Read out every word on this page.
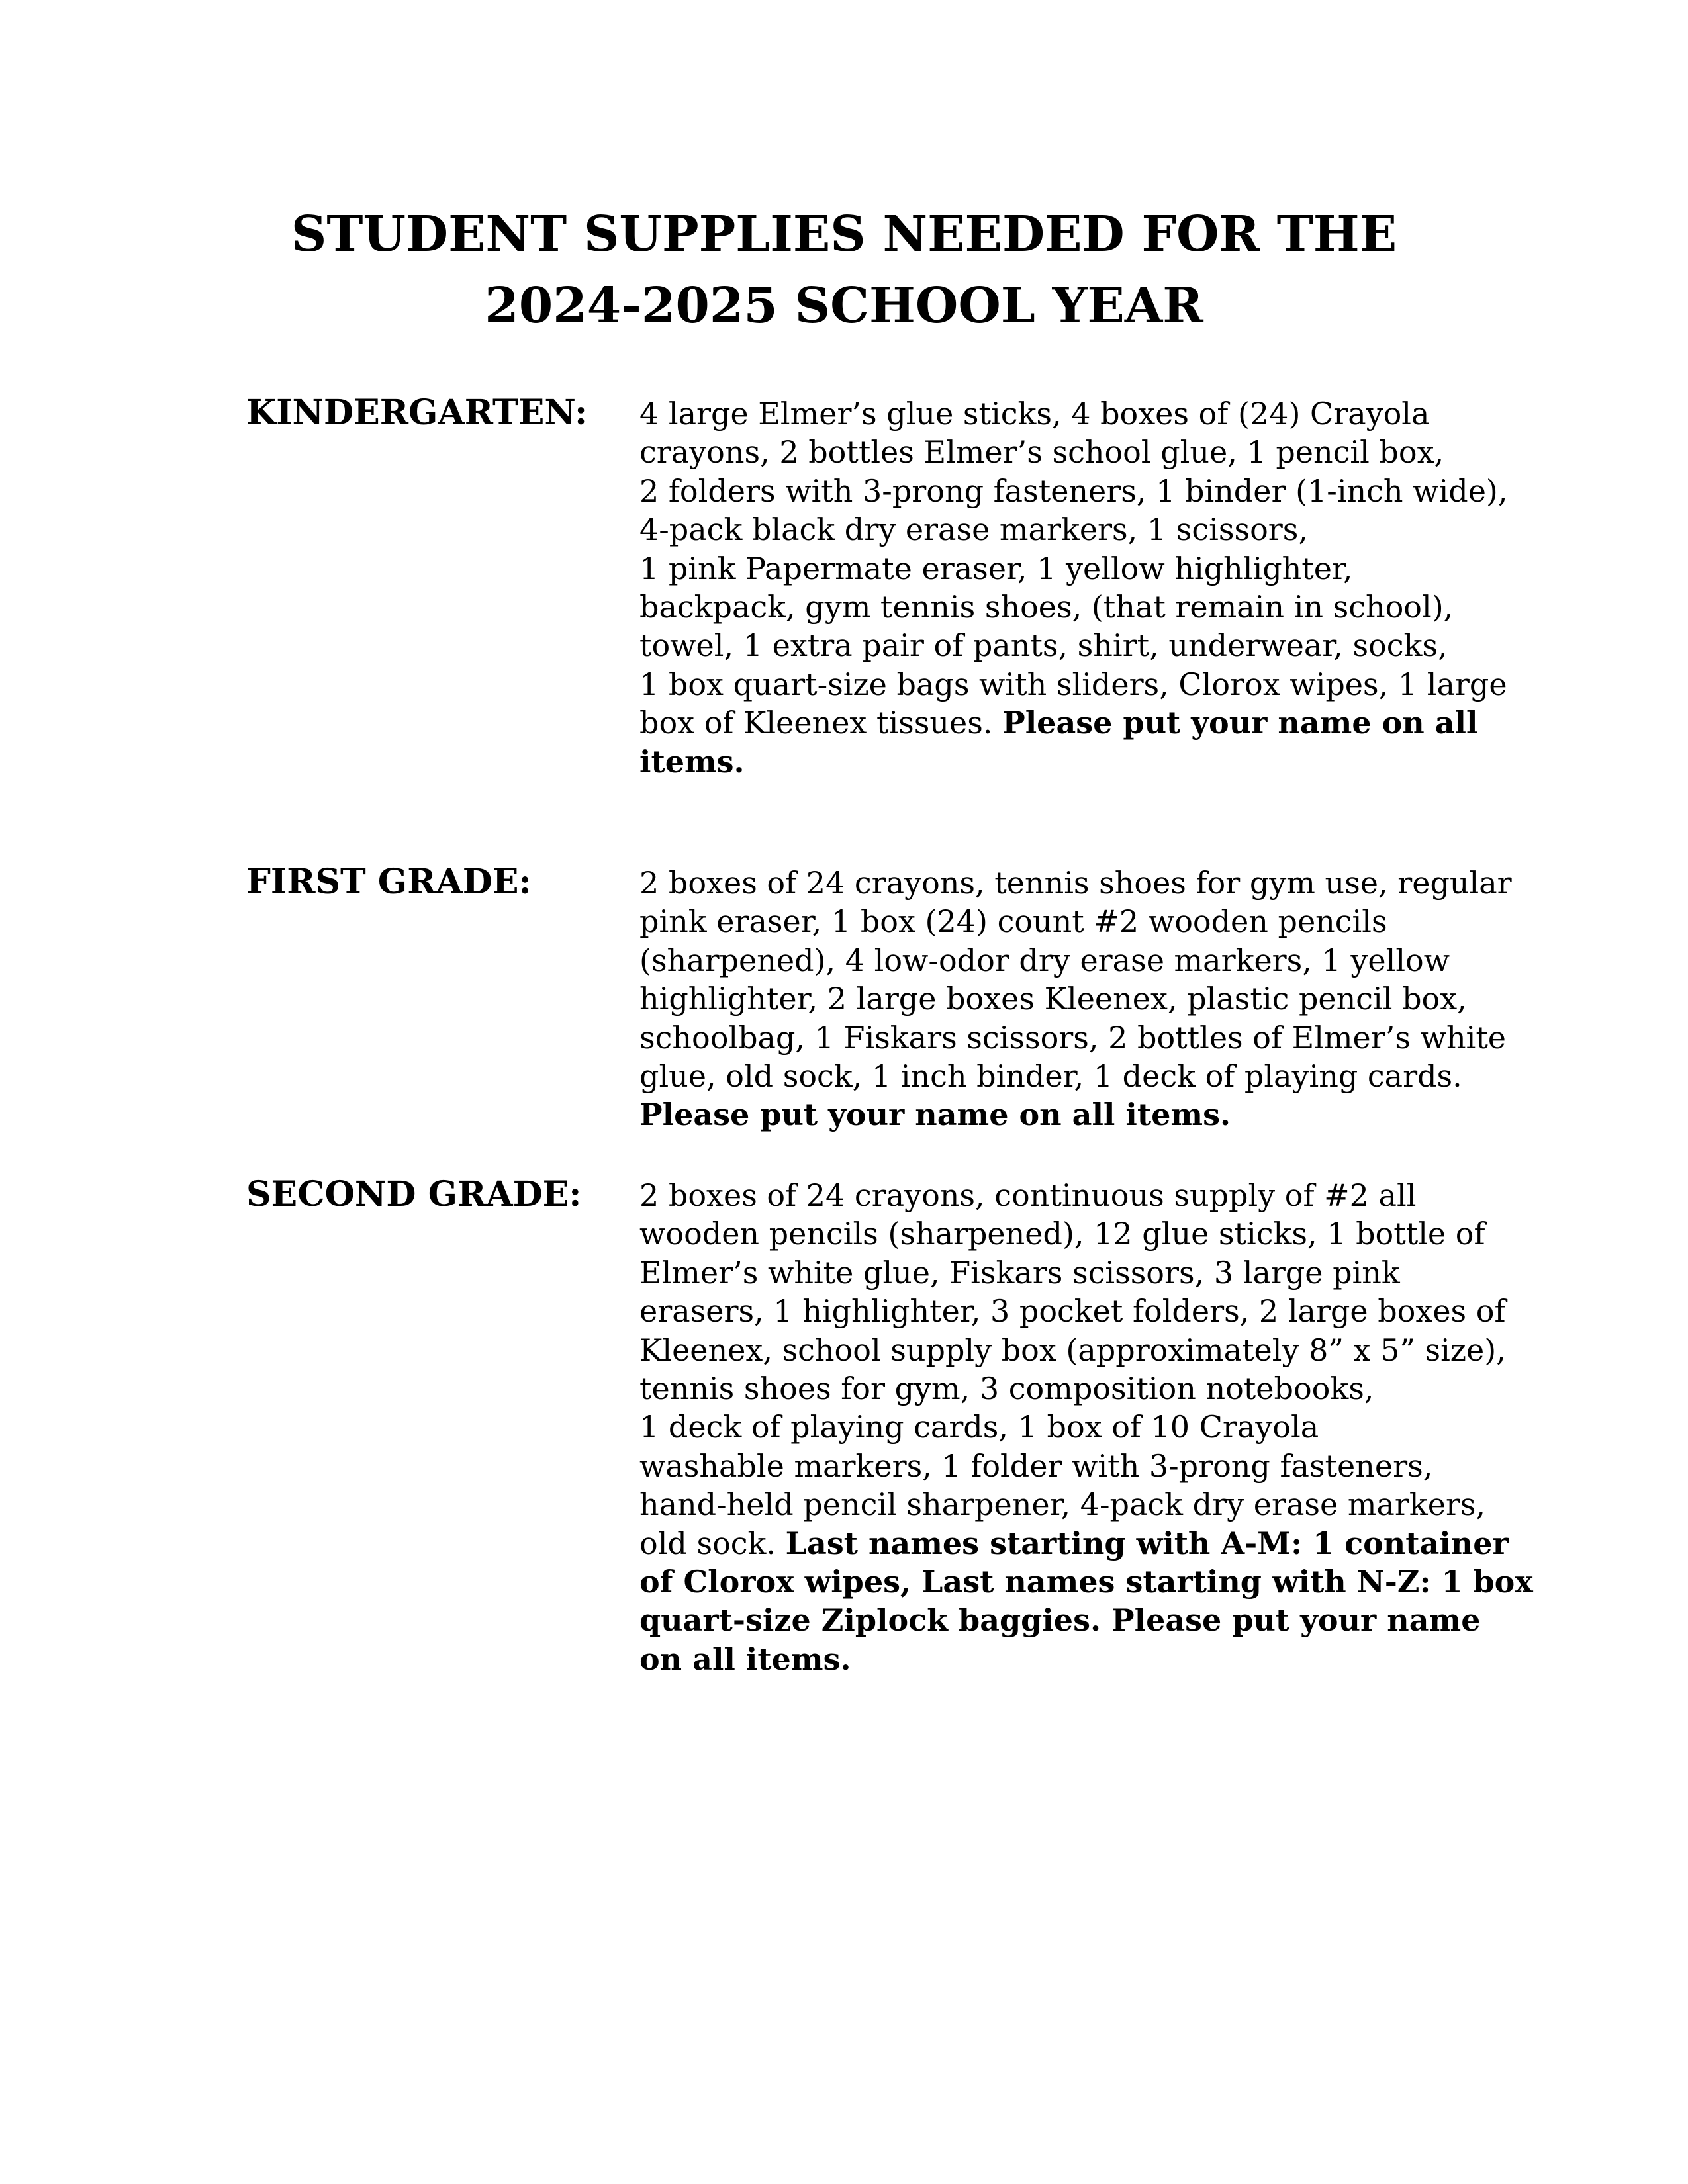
STUDENT SUPPLIES NEEDED FOR THE
2024-2025 SCHOOL YEAR
KINDERGARTEN: 4 large Elmer’s glue sticks, 4 boxes of (24) Crayola
crayons, 2 bottles Elmer’s school glue, 1 pencil box,
2 folders with 3-prong fasteners, 1 binder (1-inch wide),
4-pack black dry erase markers, 1 scissors,
1 pink Papermate eraser, 1 yellow highlighter,
backpack, gym tennis shoes, (that remain in school),
towel, 1 extra pair of pants, shirt, underwear, socks,
1 box quart-size bags with sliders, Clorox wipes, 1 large
box of Kleenex tissues. Please put your name on all
items.
FIRST GRADE:	2 boxes of 24 crayons, tennis shoes for gym use, regular
pink eraser, 1 box (24) count #2 wooden pencils
(sharpened), 4 low-odor dry erase markers, 1 yellow
highlighter, 2 large boxes Kleenex, plastic pencil box,
schoolbag, 1 Fiskars scissors, 2 bottles of Elmer’s white
glue, old sock, 1 inch binder, 1 deck of playing cards.
Please put your name on all items.
SECOND GRADE: 2 boxes of 24 crayons, continuous supply of #2 all
wooden pencils (sharpened), 12 glue sticks, 1 bottle of
Elmer’s white glue, Fiskars scissors, 3 large pink
erasers, 1 highlighter, 3 pocket folders, 2 large boxes of
Kleenex, school supply box (approximately 8” x 5” size),
tennis shoes for gym, 3 composition notebooks,
1 deck of playing cards, 1 box of 10 Crayola
washable markers, 1 folder with 3-prong fasteners,
hand-held pencil sharpener, 4-pack dry erase markers,
old sock. Last names starting with A-M: 1 container
of Clorox wipes, Last names starting with N-Z: 1 box
quart-size Ziplock baggies. Please put your name
on all items.
